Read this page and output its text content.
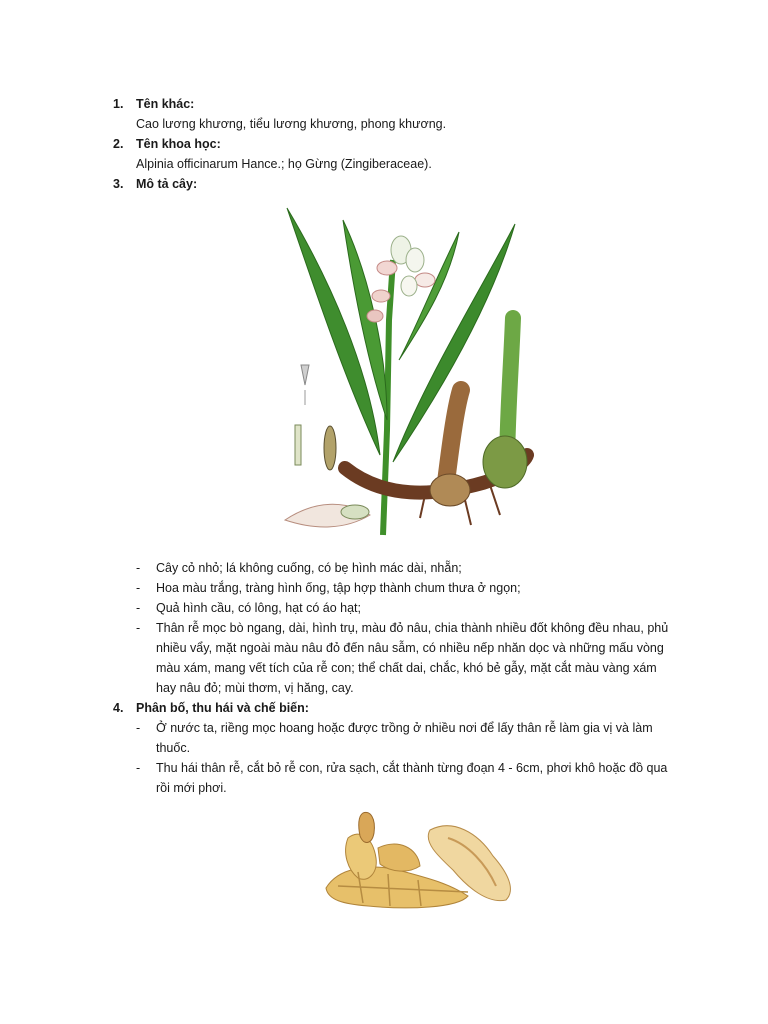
1.	Tên khác:
Cao lương khương, tiểu lương khương, phong khương.
2.	Tên khoa học:
Alpinia officinarum Hance.; họ Gừng (Zingiberaceae).
3.	Mô tả cây:
- Cây cỏ nhỏ; lá không cuống, có bẹ hình mác dài, nhẵn;
- Hoa màu trắng, tràng hình ống, tập hợp thành chum thưa ở ngọn;
- Quả hình cầu, có lông, hạt có áo hạt;
- Thân rễ mọc bò ngang, dài, hình trụ, màu đỏ nâu, chia thành nhiều đốt không đều nhau, phủ nhiều vẩy, mặt ngoài màu nâu đỏ đến nâu sẫm, có nhiều nếp nhăn dọc và những mấu vòng màu xám, mang vết tích của rễ con; thể chất dai, chắc, khó bẻ gẫy, mặt cắt màu vàng xám hay nâu đỏ; mùi thơm, vị hăng, cay.
4.	Phân bố, thu hái và chế biến:
- Ở nước ta, riềng mọc hoang hoặc được trồng ở nhiều nơi để lấy thân rễ làm gia vị và làm thuốc.
- Thu hái thân rễ, cắt bỏ rễ con, rửa sạch, cắt thành từng đoạn 4 - 6cm, phơi khô hoặc đồ qua rồi mới phơi.
